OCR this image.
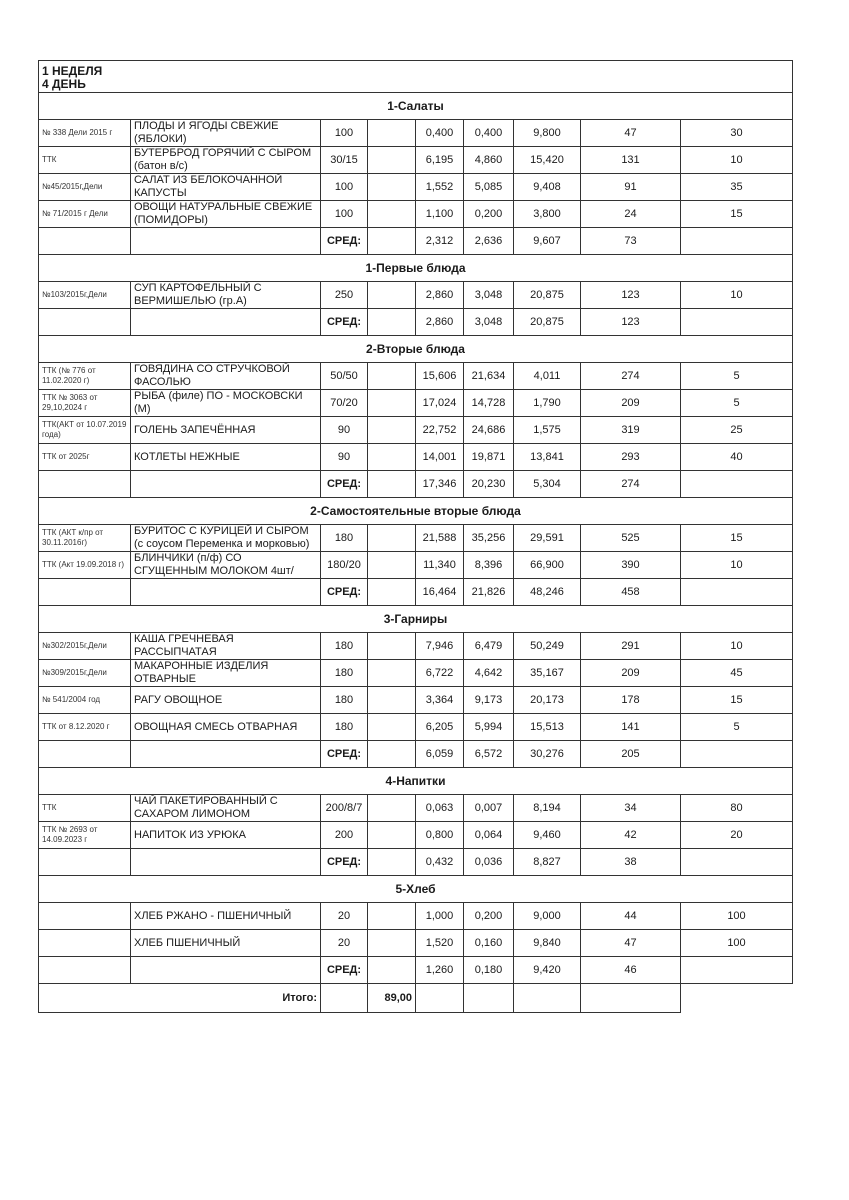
1 НЕДЕЛЯ								
4 ДЕНЬ								
1-Салаты								
№ 338 Дели 2015 г	ПЛОДЫ И ЯГОДЫ СВЕЖИЕ (ЯБЛОКИ)	100		0,400	0,400	9,800	47	30
ТТК	БУТЕРБРОД ГОРЯЧИЙ С СЫРОМ (батон в/с)	30/15		6,195	4,860	15,420	131	10
№45/2015г,Дели	САЛАТ ИЗ БЕЛОКОЧАННОЙ КАПУСТЫ	100		1,552	5,085	9,408	91	35
№ 71/2015 г Дели	ОВОЩИ НАТУРАЛЬНЫЕ СВЕЖИЕ (ПОМИДОРЫ)	100		1,100	0,200	3,800	24	15
		СРЕД:		2,312	2,636	9,607	73	
1-Первые блюда								
№103/2015г,Дели	СУП КАРТОФЕЛЬНЫЙ С ВЕРМИШЕЛЬЮ (гр.А)	250		2,860	3,048	20,875	123	10
		СРЕД:		2,860	3,048	20,875	123	
2-Вторые блюда								
ТТК (№ 776 от 11.02.2020 г)	ГОВЯДИНА СО СТРУЧКОВОЙ ФАСОЛЬЮ	50/50		15,606	21,634	4,011	274	5
ТТК № 3063 от 29,10,2024 г	РЫБА (филе) ПО - МОСКОВСКИ (М)	70/20		17,024	14,728	1,790	209	5
ТТК(АКТ от 10.07.2019 года)	ГОЛЕНЬ ЗАПЕЧЁННАЯ	90		22,752	24,686	1,575	319	25
ТТК от 2025г	КОТЛЕТЫ НЕЖНЫЕ	90		14,001	19,871	13,841	293	40
		СРЕД:		17,346	20,230	5,304	274	
2-Самостоятельные вторые блюда								
ТТК (АКТ к/пр от 30.11.2016г)	БУРИТОС С КУРИЦЕЙ И СЫРОМ (с соусом Переменка и морковью)	180		21,588	35,256	29,591	525	15
ТТК (Акт 19.09.2018 г)	БЛИНЧИКИ (п/ф) СО СГУЩЕННЫМ МОЛОКОМ 4шт/	180/20		11,340	8,396	66,900	390	10
		СРЕД:		16,464	21,826	48,246	458	
3-Гарниры								
№302/2015г,Дели	КАША ГРЕЧНЕВАЯ РАССЫПЧАТАЯ	180		7,946	6,479	50,249	291	10
№309/2015г,Дели	МАКАРОННЫЕ ИЗДЕЛИЯ ОТВАРНЫЕ	180		6,722	4,642	35,167	209	45
№ 541/2004 год	РАГУ ОВОЩНОЕ	180		3,364	9,173	20,173	178	15
ТТК от 8.12.2020 г	ОВОЩНАЯ СМЕСЬ ОТВАРНАЯ	180		6,205	5,994	15,513	141	5
		СРЕД:		6,059	6,572	30,276	205	
4-Напитки								
ТТК	ЧАЙ ПАКЕТИРОВАННЫЙ С САХАРОМ ЛИМОНОМ	200/8/7		0,063	0,007	8,194	34	80
ТТК № 2693 от 14.09.2023 г	НАПИТОК ИЗ УРЮКА	200		0,800	0,064	9,460	42	20
		СРЕД:		0,432	0,036	8,827	38	
5-Хлеб								
	ХЛЕБ РЖАНО - ПШЕНИЧНЫЙ	20		1,000	0,200	9,000	44	100
	ХЛЕБ ПШЕНИЧНЫЙ	20		1,520	0,160	9,840	47	100
		СРЕД:		1,260	0,180	9,420	46	
Итого:			89,00					
